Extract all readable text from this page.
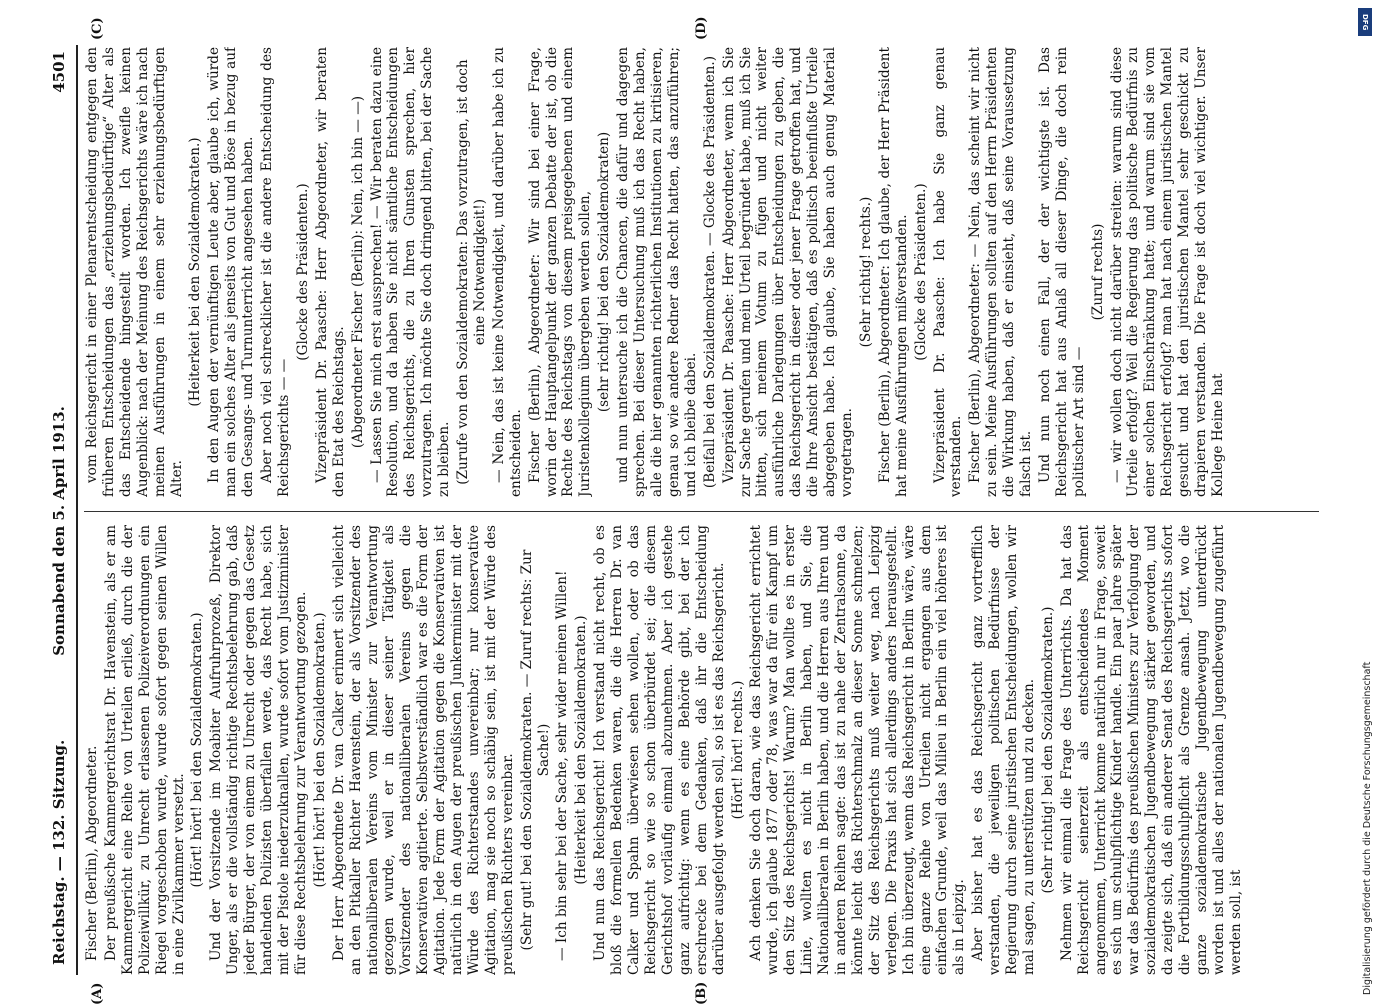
Reichstag. — 132. Sitzung.
Sonnabend den 5. April 1913.                                                            4501

Fischer (Berlin), Abgeordneter. Der preußische Kammergerichtsrat Dr. Havenstein, als er am Kammergericht eine Reihe von Urteilen erließ, durch die der Polizeiwillkür, zu Unrecht erlassenen Polizeiverordnungen ein Riegel vorgeschoben wurde, wurde sofort gegen seinen Willen in eine Zivilkammer versetzt. (Hört! hört! bei den Sozialdemokraten.) Und der Vorsitzende im Moabiter Aufruhrprozeß, Direktor Unger, als er die vollständig richtige Rechtsbelehrung gab, daß jeder Bürger, der von einem zu Unrecht oder gegen das Gesetz handelnden Polizisten überfallen werde, das Recht habe, sich mit der Pistole niederzuknallen, wurde sofort vom Justizminister für diese Rechtsbelehrung zur Verantwortung gezogen. (Hört! hört! bei den Sozialdemokraten.) Der Herr Abgeordnete Dr. van Calker erinnert sich vielleicht an den Pitkaller Richter Havenstein, der als Vorsitzender des nationalliberalen Vereins vom Minister zur Verantwortung gezogen wurde, weil er in dieser seiner Tätigkeit als Vorsitzender des nationalliberalen Vereins gegen die Konservativen agitierte. Selbstverständlich war es die Form der Agitation. Jede Form der Agitation gegen die Konservativen ist natürlich in den Augen der preußischen Junkerminister mit der Würde des Richterstandes unvereinbar; nur konservative Agitation, mag sie noch so schäbig sein, ist mit der Würde des preußischen Richters vereinbar. (Sehr gut! bei den Sozialdemokraten. — Zuruf rechts: Zur Sache!) — Ich bin sehr bei der Sache, sehr wider meinen Willen! (Heiterkeit bei den Sozialdemokraten.) Und nun das Reichsgericht! Ich verstand nicht recht, ob es bloß die formellen Bedenken waren, die die Herren Dr. van Calker und Spahn überwiesen sehen wollen, oder ob das Reichsgericht so wie so schon überbürdet sei; die diesem Gerichtshof vorläufig einmal abzunehmen. Aber ich gestehe ganz aufrichtig: wenn es eine Behörde gibt, bei der ich erschrecke bei dem Gedanken, daß ihr die Entscheidung darüber ausgefolgt werden soll, so ist es das Reichsgericht. (Hört! hört! rechts.) Ach denken Sie doch daran, wie das Reichsgericht errichtet wurde, ich glaube 1877 oder 78, was war da für ein Kampf um den Sitz des Reichsgerichts! Warum? Man wollte es in erster Linie, wollten es nicht in Berlin haben, und Sie, die Nationalliberalen in Berlin haben, und die Herren aus Ihren und in anderen Reihen sagte: das ist zu nahe der Zentralsonne, da könnte leicht das Richterschmalz an dieser Sonne schmelzen; der Sitz des Reichsgerichts muß weiter weg, nach Leipzig verlegen. Die Praxis hat sich allerdings anders herausgestellt. Ich bin überzeugt, wenn das Reichsgericht in Berlin wäre, wäre eine ganze Reihe von Urteilen nicht ergangen aus dem einfachen Grunde, weil das Milieu in Berlin ein viel höheres ist als in Leipzig. Aber bisher hat es das Reichsgericht ganz vortrefflich verstanden, die jeweiligen politischen Bedürfnisse der Regierung durch seine juristischen Entscheidungen, wollen wir mal sagen, zu unterstützen und zu decken. (Sehr richtig! bei den Sozialdemokraten.) Nehmen wir einmal die Frage des Unterrichts. Da hat das Reichsgericht seinerzeit als entscheidendes Moment angenommen, Unterricht komme natürlich nur in Frage, soweit es sich um schulpflichtige Kinder handle. Ein paar Jahre später war das Bedürfnis des preußischen Ministers zur Verfolgung der sozialdemokratischen Jugendbewegung stärker geworden, und da zeigte sich, daß ein anderer Senat des Reichsgerichts sofort die Fortbildungsschulpflicht als Grenze ansah. Jetzt, wo die ganze sozialdemokratische Jugendbewegung unterdrückt worden ist und alles der nationalen Jugendbewegung zugeführt werden soll, ist

vom Reichsgericht in einer Plenarentscheidung entgegen den früheren Entscheidungen das „erziehungsbedürftige“ Alter als das Entscheidende hingestellt worden. Ich zweifle keinen Augenblick: nach der Meinung des Reichsgerichts wäre ich nach meinen Ausführungen in einem sehr erziehungsbedürftigen Alter.

(Heiterkeit bei den Sozialdemokraten.) In den Augen der vernünftigen Leute aber, glaube ich, würde man ein solches Alter als jenseits von Gut und Böse in bezug auf den Gesangs- und Turnunterricht angesehen haben. Aber noch viel schrecklicher ist die andere Entscheidung des Reichsgerichts — —

(Glocke des Präsidenten.) Vizepräsident Dr. Paasche: Herr Abgeordneter, wir beraten den Etat des Reichstags. (Abgeordneter Fischer (Berlin): Nein, ich bin — —) — Lassen Sie mich erst aussprechen! — Wir beraten dazu eine Resolution, und da haben Sie nicht sämtliche Entscheidungen des Reichsgerichts, die zu Ihren Gunsten sprechen, hier vorzutragen. Ich möchte Sie doch dringend bitten, bei der Sache zu bleiben. (Zurufe von den Sozialdemokraten: Das vorzutragen, ist doch eine Notwendigkeit!) — Nein, das ist keine Notwendigkeit, und darüber habe ich zu entscheiden. Fischer (Berlin), Abgeordneter: Wir sind bei einer Frage, worin der Hauptangelpunkt der ganzen Debatte der ist, ob die Rechte des Reichstags von diesem preisgegebenen und einem Juristenkollegium übergeben werden sollen, (sehr richtig! bei den Sozialdemokraten) und nun untersuche ich die Chancen, die dafür und dagegen sprechen. Bei dieser Untersuchung muß ich das Recht haben, alle die hier genannten richterlichen Institutionen zu kritisieren, genau so wie andere Redner das Recht hatten, das anzuführen; und ich bleibe dabei. (Beifall bei den Sozialdemokraten. — Glocke des Präsidenten.) Vizepräsident Dr. Paasche: Herr Abgeordneter, wenn ich Sie zur Sache gerufen und mein Urteil begründet habe, muß ich Sie bitten, sich meinem Votum zu fügen und nicht weiter ausführliche Darlegungen über Entscheidungen zu geben, die das Reichsgericht in dieser oder jener Frage getroffen hat, und die Ihre Ansicht bestätigen, daß es politisch beeinflußte Urteile abgegeben habe. Ich glaube, Sie haben auch genug Material vorgetragen.

(Sehr richtig! rechts.) Fischer (Berlin), Abgeordneter: Ich glaube, der Herr Präsident hat meine Ausführungen mißverstanden. (Glocke des Präsidenten.) Vizepräsident Dr. Paasche: Ich habe Sie ganz genau verstanden. Fischer (Berlin), Abgeordneter: — Nein, das scheint wir nicht zu sein. Meine Ausführungen sollten auf den Herrn Präsidenten die Wirkung haben, daß er einsieht, daß seine Voraussetzung falsch ist. Und nun noch einen Fall, der der wichtigste ist. Das Reichsgericht hat aus Anlaß all dieser Dinge, die doch rein politischer Art sind —

(Zuruf rechts) — wir wollen doch nicht darüber streiten: warum sind diese Urteile erfolgt? Weil die Regierung das politische Bedürfnis zu einer solchen Einschränkung hatte; und warum sind sie vom Reichsgericht erfolgt? man hat nach einem juristischen Mantel gesucht und hat den juristischen Mantel sehr geschickt zu drapieren verstanden. Die Frage ist doch viel wichtiger. Unser Kollege Heine hat

(A)	(B)
(C)	(D)
Digitalisierung gefördert durch die Deutsche Forschungsgemeinschaft
DFG
